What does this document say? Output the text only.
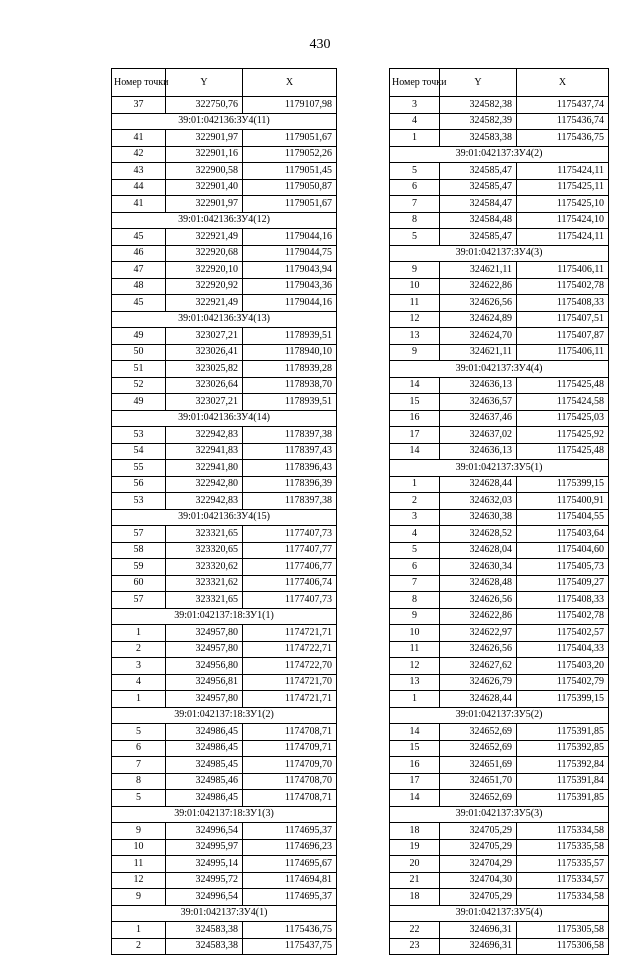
430
Номер точки	Y	X
37	322750,76	1179107,98
39:01:042136:ЗУ4(11)		
41	322901,97	1179051,67
42	322901,16	1179052,26
43	322900,58	1179051,45
44	322901,40	1179050,87
41	322901,97	1179051,67
39:01:042136:ЗУ4(12)		
45	322921,49	1179044,16
46	322920,68	1179044,75
47	322920,10	1179043,94
48	322920,92	1179043,36
45	322921,49	1179044,16
39:01:042136:ЗУ4(13)		
49	323027,21	1178939,51
50	323026,41	1178940,10
51	323025,82	1178939,28
52	323026,64	1178938,70
49	323027,21	1178939,51
39:01:042136:ЗУ4(14)		
53	322942,83	1178397,38
54	322941,83	1178397,43
55	322941,80	1178396,43
56	322942,80	1178396,39
53	322942,83	1178397,38
39:01:042136:ЗУ4(15)		
57	323321,65	1177407,73
58	323320,65	1177407,77
59	323320,62	1177406,77
60	323321,62	1177406,74
57	323321,65	1177407,73
39:01:042137:18:ЗУ1(1)		
1	324957,80	1174721,71
2	324957,80	1174722,71
3	324956,80	1174722,70
4	324956,81	1174721,70
1	324957,80	1174721,71
39:01:042137:18:ЗУ1(2)		
5	324986,45	1174708,71
6	324986,45	1174709,71
7	324985,45	1174709,70
8	324985,46	1174708,70
5	324986,45	1174708,71
39:01:042137:18:ЗУ1(3)		
9	324996,54	1174695,37
10	324995,97	1174696,23
11	324995,14	1174695,67
12	324995,72	1174694,81
9	324996,54	1174695,37
39:01:042137:ЗУ4(1)		
1	324583,38	1175436,75
2	324583,38	1175437,75
Номер точки	Y	X
3	324582,38	1175437,74
4	324582,39	1175436,74
1	324583,38	1175436,75
39:01:042137:ЗУ4(2)		
5	324585,47	1175424,11
6	324585,47	1175425,11
7	324584,47	1175425,10
8	324584,48	1175424,10
5	324585,47	1175424,11
39:01:042137:ЗУ4(3)		
9	324621,11	1175406,11
10	324622,86	1175402,78
11	324626,56	1175408,33
12	324624,89	1175407,51
13	324624,70	1175407,87
9	324621,11	1175406,11
39:01:042137:ЗУ4(4)		
14	324636,13	1175425,48
15	324636,57	1175424,58
16	324637,46	1175425,03
17	324637,02	1175425,92
14	324636,13	1175425,48
39:01:042137:ЗУ5(1)		
1	324628,44	1175399,15
2	324632,03	1175400,91
3	324630,38	1175404,55
4	324628,52	1175403,64
5	324628,04	1175404,60
6	324630,34	1175405,73
7	324628,48	1175409,27
8	324626,56	1175408,33
9	324622,86	1175402,78
10	324622,97	1175402,57
11	324626,56	1175404,33
12	324627,62	1175403,20
13	324626,79	1175402,79
1	324628,44	1175399,15
39:01:042137:ЗУ5(2)		
14	324652,69	1175391,85
15	324652,69	1175392,85
16	324651,69	1175392,84
17	324651,70	1175391,84
14	324652,69	1175391,85
39:01:042137:ЗУ5(3)		
18	324705,29	1175334,58
19	324705,29	1175335,58
20	324704,29	1175335,57
21	324704,30	1175334,57
18	324705,29	1175334,58
39:01:042137:ЗУ5(4)		
22	324696,31	1175305,58
23	324696,31	1175306,58
